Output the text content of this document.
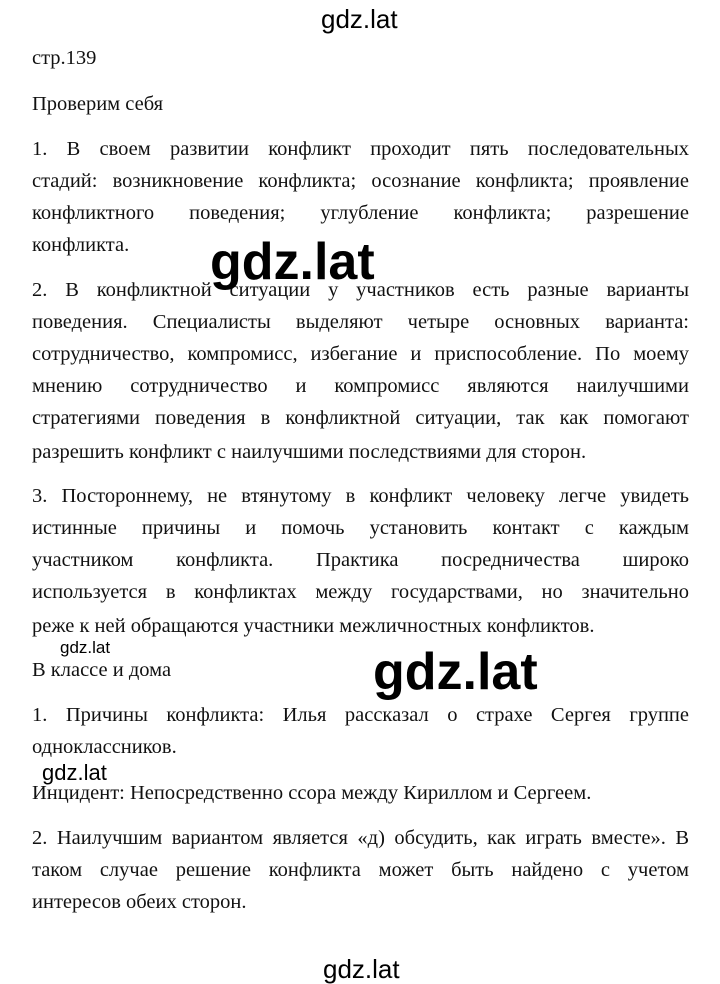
gdz.lat
стр.139
Проверим себя
1. В своем развитии конфликт проходит пять последовательных
стадий: возникновение конфликта; осознание конфликта; проявление
конфликтного поведения; углубление конфликта; разрешение
конфликта.
2. В конфликтной ситуации у участников есть разные варианты
поведения. Специалисты выделяют четыре основных варианта:
сотрудничество, компромисс, избегание и приспособление. По моему
мнению сотрудничество и компромисс являются наилучшими
стратегиями поведения в конфликтной ситуации, так как помогают
разрешить конфликт с наилучшими последствиями для сторон.
3. Постороннему, не втянутому в конфликт человеку легче увидеть
истинные причины и помочь установить контакт с каждым
участником конфликта. Практика посредничества широко
используется в конфликтах между государствами, но значительно
реже к ней обращаются участники межличностных конфликтов.
В классе и дома
1. Причины конфликта: Илья рассказал о страхе Сергея группе
одноклассников.
Инцидент: Непосредственно ссора между Кириллом и Сергеем.
2. Наилучшим вариантом является «д) обсудить, как играть вместе». В
таком случае решение конфликта может быть найдено с учетом
интересов обеих сторон.
gdz.lat
gdz.lat
gdz.lat
gdz.lat
gdz.lat
